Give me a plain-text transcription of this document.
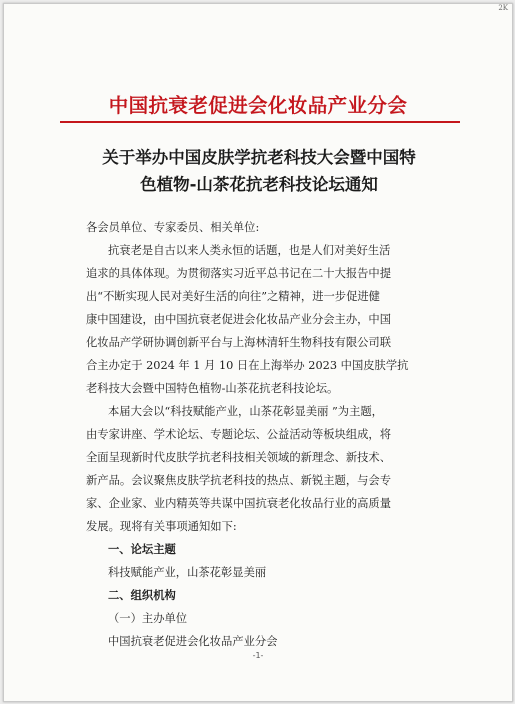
2K
中国抗衰老促进会化妆品产业分会
关于举办中国皮肤学抗老科技大会暨中国特
色植物-山茶花抗老科技论坛通知
各会员单位、专家委员、相关单位:
抗衰老是自古以来人类永恒的话题，也是人们对美好生活
追求的具体体现。为贯彻落实习近平总书记在二十大报告中提
出“不断实现人民对美好生活的向往”之精神，进一步促进健
康中国建设，由中国抗衰老促进会化妆品产业分会主办，中国
化妆品产学研协调创新平台与上海林清轩生物科技有限公司联
合主办定于 2024 年 1 月 10 日在上海举办 2023 中国皮肤学抗
老科技大会暨中国特色植物-山茶花抗老科技论坛。
本届大会以“科技赋能产业，山茶花彰显美丽 ”为主题，
由专家讲座、学术论坛、专题论坛、公益活动等板块组成，将
全面呈现新时代皮肤学抗老科技相关领域的新理念、新技术、
新产品。会议聚焦皮肤学抗老科技的热点、新锐主题，与会专
家、企业家、业内精英等共谋中国抗衰老化妆品行业的高质量
发展。现将有关事项通知如下:
一、论坛主题
科技赋能产业，山茶花彰显美丽
二、组织机构
（一）主办单位
中国抗衰老促进会化妆品产业分会
-1-
